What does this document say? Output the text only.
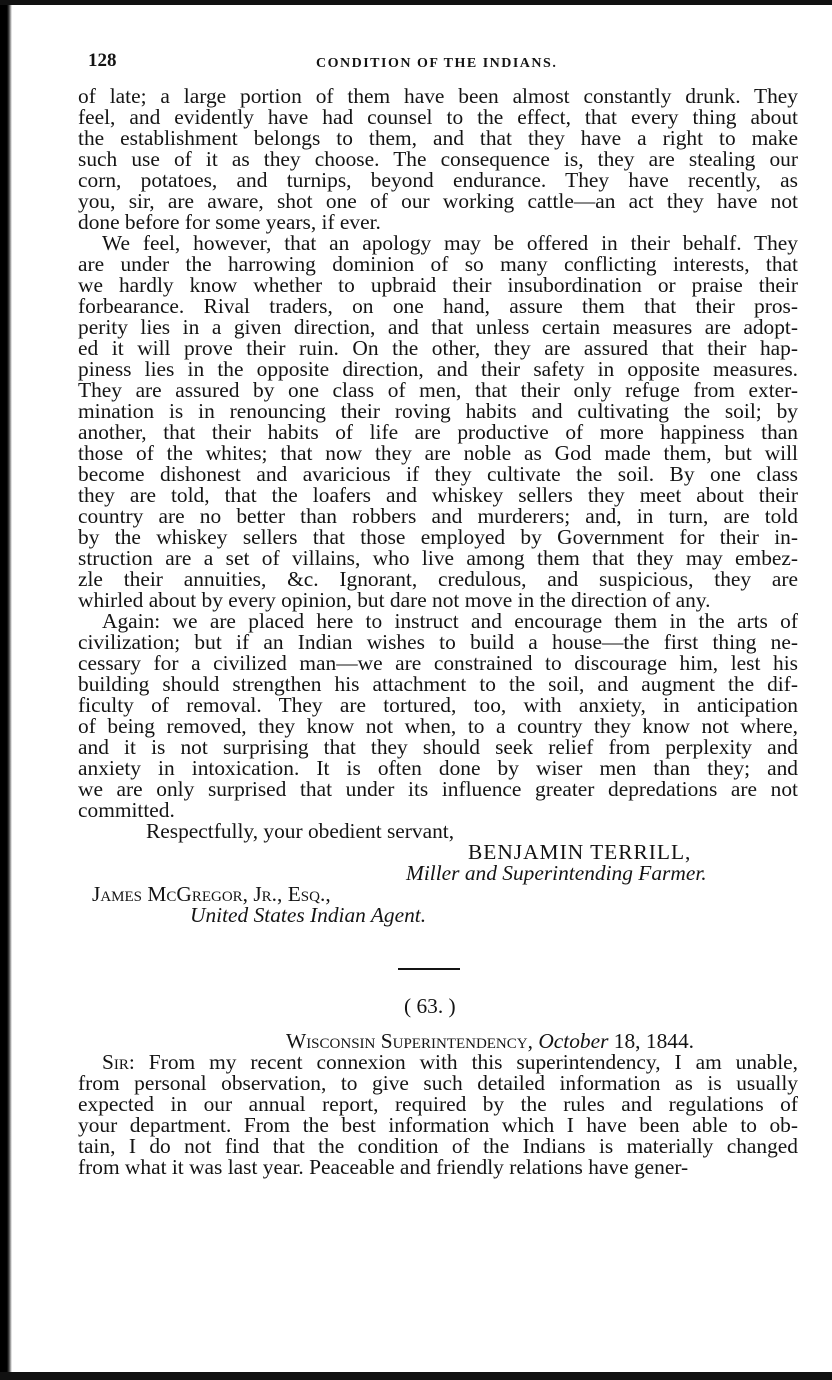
128	CONDITION OF THE INDIANS.

of late; a large portion of them have been almost constantly drunk. They

feel, and evidently have had counsel to the effect, that every thing about

the establishment belongs to them, and that they have a right to make

such use of it as they choose. The consequence is, they are stealing our

corn, potatoes, and turnips, beyond endurance. They have recently, as

you, sir, are aware, shot one of our working cattle—an act they have not

done before for some years, if ever.

We feel, however, that an apology may be offered in their behalf. They

are under the harrowing dominion of so many conflicting interests, that

we hardly know whether to upbraid their insubordination or praise their

forbearance. Rival traders, on one hand, assure them that their pros-

perity lies in a given direction, and that unless certain measures are adopt-

ed it will prove their ruin. On the other, they are assured that their hap-

piness lies in the opposite direction, and their safety in opposite measures.

They are assured by one class of men, that their only refuge from exter-

mination is in renouncing their roving habits and cultivating the soil; by

another, that their habits of life are productive of more happiness than

those of the whites; that now they are noble as God made them, but will

become dishonest and avaricious if they cultivate the soil. By one class

they are told, that the loafers and whiskey sellers they meet about their

country are no better than robbers and murderers; and, in turn, are told

by the whiskey sellers that those employed by Government for their in-

struction are a set of villains, who live among them that they may embez-

zle their annuities, &c. Ignorant, credulous, and suspicious, they are

whirled about by every opinion, but dare not move in the direction of any.

Again: we are placed here to instruct and encourage them in the arts of

civilization; but if an Indian wishes to build a house—the first thing ne-

cessary for a civilized man—we are constrained to discourage him, lest his

building should strengthen his attachment to the soil, and augment the dif-

ficulty of removal. They are tortured, too, with anxiety, in anticipation

of being removed, they know not when, to a country they know not where,

and it is not surprising that they should seek relief from perplexity and

anxiety in intoxication. It is often done by wiser men than they; and

we are only surprised that under its influence greater depredations are not

committed.

Respectfully, your obedient servant,

BENJAMIN TERRILL,

Miller and Superintending Farmer.

James McGregor, Jr., Esq.,

United States Indian Agent.

( 63. )

Wisconsin Superintendency, October 18, 1844.

Sir: From my recent connexion with this superintendency, I am unable,

from personal observation, to give such detailed information as is usually

expected in our annual report, required by the rules and regulations of

your department. From the best information which I have been able to ob-

tain, I do not find that the condition of the Indians is materially changed

from what it was last year. Peaceable and friendly relations have gener-
